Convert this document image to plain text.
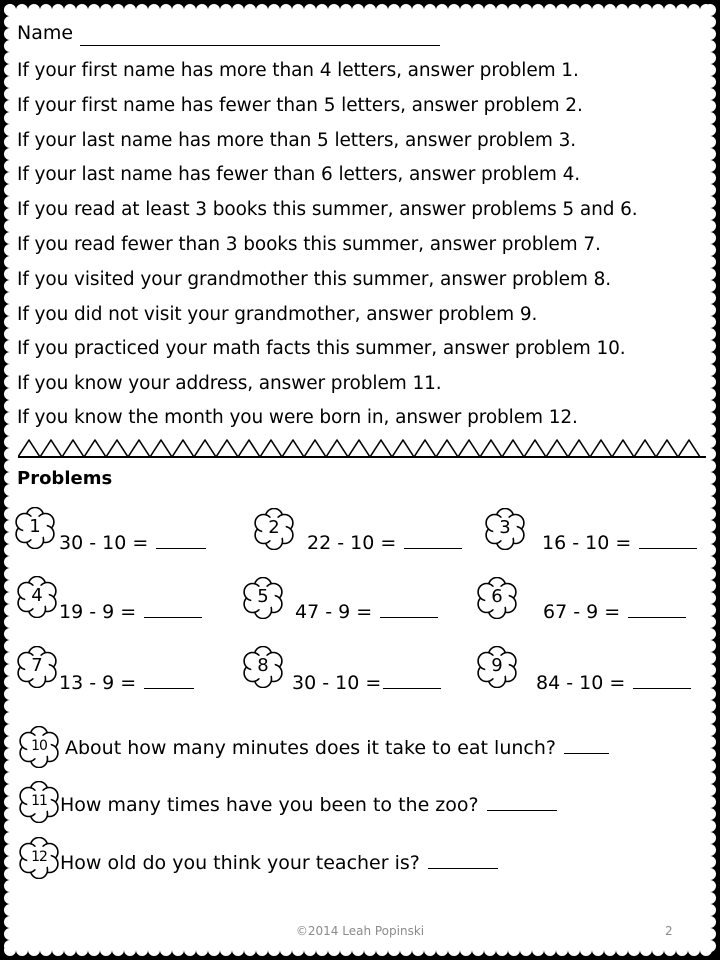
Name
If your first name has more than 4 letters, answer problem 1.
If your first name has fewer than 5 letters, answer problem 2.
If your last name has more than 5 letters, answer problem 3.
If your last name has fewer than 6 letters, answer problem 4.
If you read at least 3 books this summer, answer problems 5 and 6.
If you read fewer than 3 books this summer, answer problem 7.
If you visited your grandmother this summer, answer problem 8.
If you did not visit your grandmother, answer problem 9.
If you practiced your math facts this summer, answer problem 10.
If you know your address, answer problem 11.
If you know the month you were born in, answer problem 12.
Problems
1
30 - 10 =
2
22 - 10 =
3
16 - 10 =
4
19 - 9 =
5
47 - 9 =
6
67 - 9 =
7
13 - 9 =
8
30 - 10 =
9
84 - 10 =
10 About how many minutes does it take to eat lunch?
11 How many times have you been to the zoo?
12 How old do you think your teacher is?
©2014 Leah Popinski	2
